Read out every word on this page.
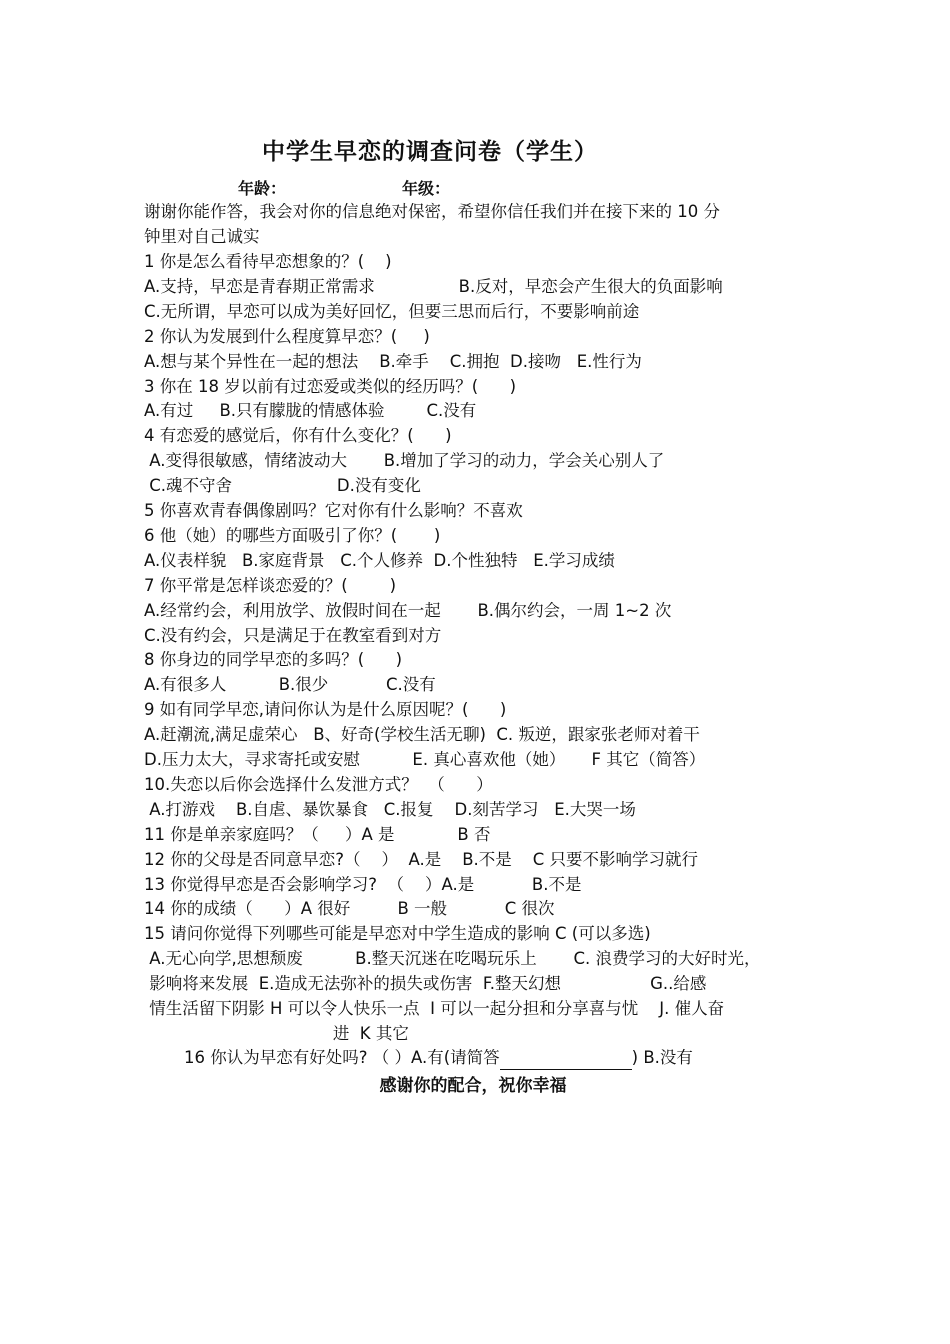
中学生早恋的调查问卷（学生）
年龄：	年级：
谢谢你能作答，我会对你的信息绝对保密，希望你信任我们并在接下来的 10 分
钟里对自己诚实
1 你是怎么看待早恋想象的？(    )
A.支持，早恋是青春期正常需求                B.反对，早恋会产生很大的负面影响
C.无所谓，早恋可以成为美好回忆，但要三思而后行，不要影响前途
2 你认为发展到什么程度算早恋？(     )
A.想与某个异性在一起的想法    B.牵手    C.拥抱  D.接吻   E.性行为
3 你在 18 岁以前有过恋爱或类似的经历吗？(      )
A.有过     B.只有朦胧的情感体验        C.没有
4 有恋爱的感觉后，你有什么变化？(      )
A.变得很敏感，情绪波动大       B.增加了学习的动力，学会关心别人了
C.魂不守舍                    D.没有变化
5 你喜欢青春偶像剧吗？它对你有什么影响？不喜欢
6 他（她）的哪些方面吸引了你？(       )
A.仪表样貌   B.家庭背景   C.个人修养  D.个性独特   E.学习成绩
7 你平常是怎样谈恋爱的？(        )
A.经常约会，利用放学、放假时间在一起       B.偶尔约会，一周 1~2 次
C.没有约会，只是满足于在教室看到对方
8 你身边的同学早恋的多吗？(      )
A.有很多人          B.很少           C.没有
9 如有同学早恋,请问你认为是什么原因呢？(      )
A.赶潮流,满足虚荣心   B、好奇(学校生活无聊)  C. 叛逆，跟家张老师对着干
D.压力太大，寻求寄托或安慰          E. 真心喜欢他（她）     F 其它（简答）
10.失恋以后你会选择什么发泄方式？  （      ）
A.打游戏    B.自虐、暴饮暴食   C.报复    D.刻苦学习   E.大哭一场
11 你是单亲家庭吗？（     ）A 是            B 否
12 你的父母是否同意早恋?（    ）  A.是    B.不是    C 只要不影响学习就行
13 你觉得早恋是否会影响学习?  （    ）A.是           B.不是
14 你的成绩（      ）A 很好         B 一般           C 很次
15 请问你觉得下列哪些可能是早恋对中学生造成的影响 C (可以多选)
A.无心向学,思想颓废          B.整天沉迷在吃喝玩乐上       C. 浪费学习的大好时光，
影响将来发展  E.造成无法弥补的损失或伤害  F.整天幻想                 G..给感
情生活留下阴影 H 可以令人快乐一点  I 可以一起分担和分享喜与忧    J. 催人奋
进  K 其它
16 你认为早恋有好处吗? （ ）A.有(请简答	) B.没有
感谢你的配合，祝你幸福
